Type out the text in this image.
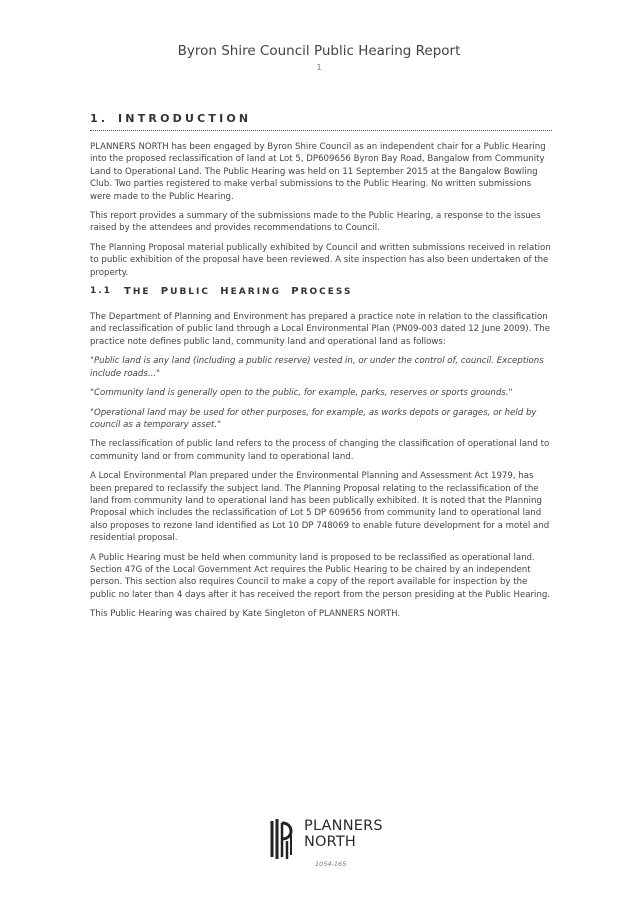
Byron Shire Council Public Hearing Report
1
1. INTRODUCTION

PLANNERS NORTH has been engaged by Byron Shire Council as an independent chair for a Public Hearing into the proposed reclassification of land at Lot 5, DP609656 Byron Bay Road, Bangalow from Community Land to Operational Land. The Public Hearing was held on 11 September 2015 at the Bangalow Bowling Club. Two parties registered to make verbal submissions to the Public Hearing. No written submissions were made to the Public Hearing.

This report provides a summary of the submissions made to the Public Hearing, a response to the issues raised by the attendees and provides recommendations to Council.

The Planning Proposal material publically exhibited by Council and written submissions received in relation to public exhibition of the proposal have been reviewed. A site inspection has also been undertaken of the property.

1.1	THE PUBLIC HEARING PROCESS

The Department of Planning and Environment has prepared a practice note in relation to the classification and reclassification of public land through a Local Environmental Plan (PN09-003 dated 12 June 2009). The practice note defines public land, community land and operational land as follows:

"Public land is any land (including a public reserve) vested in, or under the control of, council. Exceptions include roads..."

"Community land is generally open to the public, for example, parks, reserves or sports grounds."

"Operational land may be used for other purposes, for example, as works depots or garages, or held by council as a temporary asset."

The reclassification of public land refers to the process of changing the classification of operational land to community land or from community land to operational land.

A Local Environmental Plan prepared under the Environmental Planning and Assessment Act 1979, has been prepared to reclassify the subject land. The Planning Proposal relating to the reclassification of the land from community land to operational land has been publically exhibited. It is noted that the Planning Proposal which includes the reclassification of Lot 5 DP 609656 from community land to operational land also proposes to rezone land identified as Lot 10 DP 748069 to enable future development for a motel and residential proposal.

A Public Hearing must be held when community land is proposed to be reclassified as operational land. Section 47G of the Local Government Act requires the Public Hearing to be chaired by an independent person. This section also requires Council to make a copy of the report available for inspection by the public no later than 4 days after it has received the report from the person presiding at the Public Hearing.

This Public Hearing was chaired by Kate Singleton of PLANNERS NORTH.

PLANNERS
NORTH
1054-165
